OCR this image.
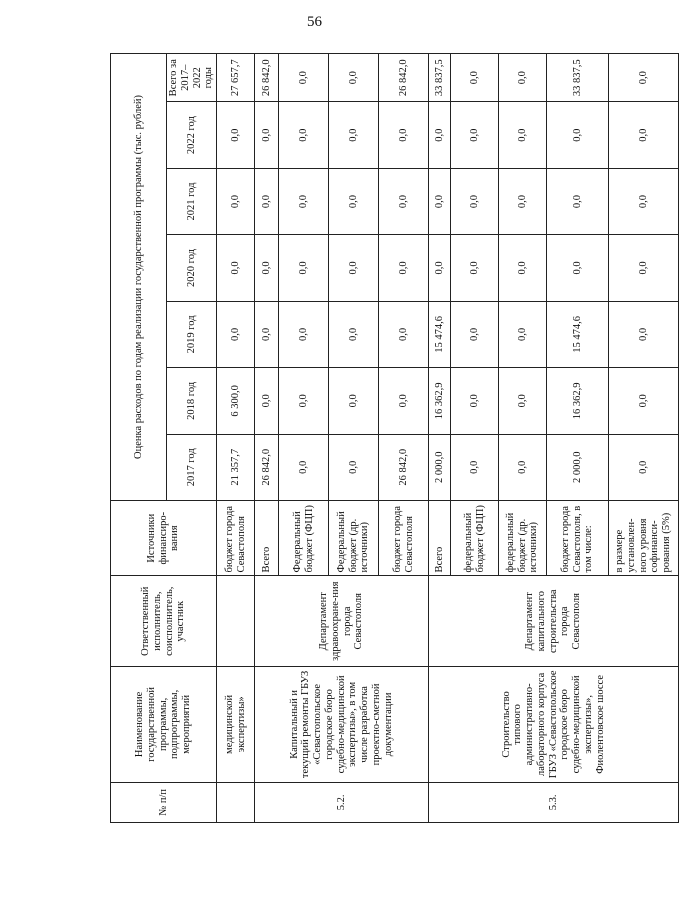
56
№ п/п	Наименование государственной программы, подпрограммы, мероприятий	Ответственный исполнитель, соисполнитель, участник	Источники финансиро-вания	Оценка расходов по годам реализации государственной программы (тыс. рублей)						
				2017 год	2018 год	2019 год	2020 год	2021 год	2022 год	Всего за 2017–2022 годы
	медицинской экспертизы»		бюджет города Севастополя	21 357,7	6 300,0	0,0	0,0	0,0	0,0	27 657,7
5.2.	Капитальный и текущий ремонты ГБУЗ «Севастопольское городское бюро судебно-медицинской экспертизы», в том числе разработка проектно-сметной документации	Департамент здравоохране-ния города Севастополя	Всего	26 842,0	0,0	0,0	0,0	0,0	0,0	26 842,0
			Федеральный бюджет (ФЦП)	0,0	0,0	0,0	0,0	0,0	0,0	0,0
			Федеральный бюджет (др. источники)	0,0	0,0	0,0	0,0	0,0	0,0	0,0
			бюджет города Севастополя	26 842,0	0,0	0,0	0,0	0,0	0,0	26 842,0
5.3.	Строительство типового административно-лабораторного корпуса ГБУЗ «Севастопольское городское бюро судебно-медицинской экспертизы», Фиолентовское шоссе	Департамент капитального строительства города Севастополя	Всего	2 000,0	16 362,9	15 474,6	0,0	0,0	0,0	33 837,5
			федеральный бюджет (ФЦП)	0,0	0,0	0,0	0,0	0,0	0,0	0,0
			федеральный бюджет (др. источники)	0,0	0,0	0,0	0,0	0,0	0,0	0,0
			бюджет города Севастополя, в том числе:	2 000,0	16 362,9	15 474,6	0,0	0,0	0,0	33 837,5
			в размере установлен-ного уровня софинанси-рования (5%)	0,0	0,0	0,0	0,0	0,0	0,0	0,0
